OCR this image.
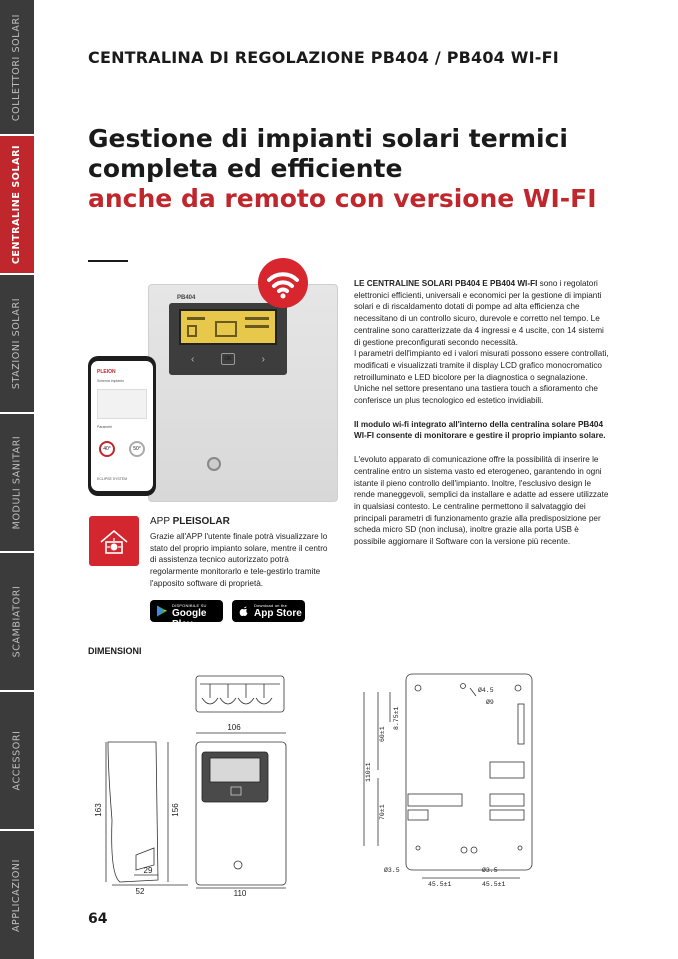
COLLETTORI SOLARI
CENTRALINE SOLARI
STAZIONI SOLARI
MODULI SANITARI
SCAMBIATORI
ACCESSORI
APPLICAZIONI
CENTRALINA DI REGOLAZIONE PB404 / PB404 WI-FI
Gestione di impianti solari termici
completa ed efficiente
anche da remoto con versione WI-FI
PB404
‹	OK	›
PLEION
Schema impianto
Parametri
40°	50°
ECLIPSE SYSTEM

LE CENTRALINE SOLARI PB404 E PB404 WI-FI sono i regolatori elettronici efficienti, universali e economici per la gestione di impianti solari e di riscaldamento dotati di pompe ad alta efficienza che necessitano di un controllo sicuro, durevole e corretto nel tempo. Le centraline sono caratterizzate da 4 ingressi e 4 uscite, con 14 sistemi di gestione preconfigurati secondo necessità.
I parametri dell'impianto ed i valori misurati possono essere controllati, modificati e visualizzati tramite il display LCD grafico monocromatico retroilluminato e LED bicolore per la diagnostica o segnalazione. Uniche nel settore presentano una tastiera touch a sfioramento che conferisce un plus tecnologico ed estetico invidiabili.

Il modulo wi-fi integrato all'interno della centralina solare PB404 WI-FI consente di monitorare e gestire il proprio impianto solare.

L'evoluto apparato di comunicazione offre la possibilità di inserire le centraline entro un sistema vasto ed eterogeneo, garantendo in ogni istante il pieno controllo dell'impianto. Inoltre, l'esclusivo design le rende maneggevoli, semplici da installare e adatte ad essere utilizzate in qualsiasi contesto. Le centraline permettono il salvataggio dei principali parametri di funzionamento grazie alla predisposizione per scheda micro SD (non inclusa), inoltre grazie alla porta USB è possibile aggiornare il Software con la versione più recente.

APP PLEISOLAR
Grazie all'APP l'utente finale potrà visualizzare lo stato del proprio impianto solare, mentre il centro di assistenza tecnico autorizzato potrà regolarmente monitorarlo e tele-gestirlo tramite l'apposito software di proprietà.
DISPONIBILE SU
Google Play
Download on the
App Store
DIMENSIONI
106
163	156
29
52	110
Ø4.5
Ø9
Ø3.5	Ø3.5
60±1
8.75±1
110±1
70±1
45.5±1	45.5±1
64
